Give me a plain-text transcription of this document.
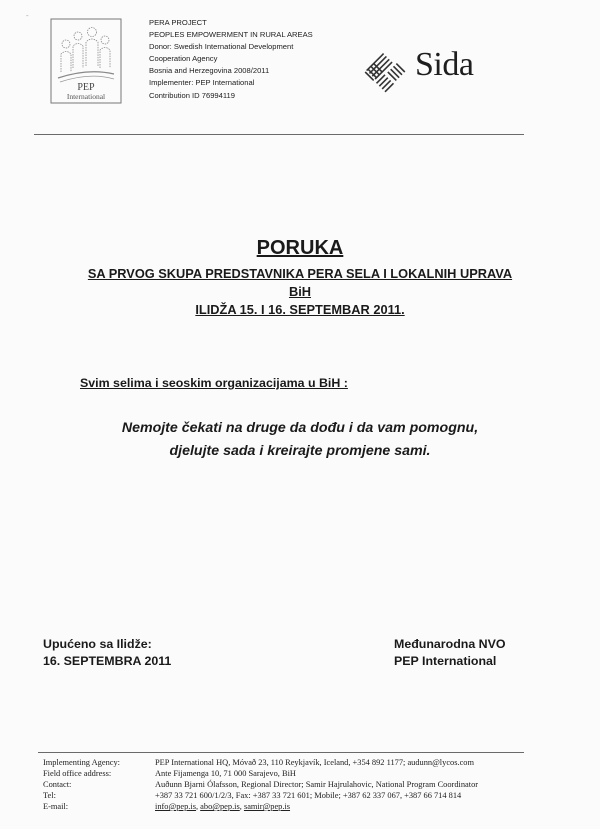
ˉ
PEP
International
PERA PROJECT
PEOPLES EMPOWERMENT IN RURAL AREAS
Donor: Swedish International Development
Cooperation Agency
Bosnia and Herzegovina 2008/2011
Implementer: PEP International
Contribution ID 76994119
Sida
PORUKA
SA PRVOG SKUPA PREDSTAVNIKA PERA SELA I LOKALNIH UPRAVA
BiH
ILIDŽA 15. I 16. SEPTEMBAR 2011.
Svim selima i seoskim organizacijama u BiH :
Nemojte čekati na druge da dođu i da vam pomognu,
djelujte sada i kreirajte promjene sami.
Upućeno sa Ilidže:
16. SEPTEMBRA 2011
Međunarodna NVO
PEP International
Implementing Agency:
Field office address:
Contact:
Tel:
E-mail:
PEP International HQ, Móvað 23, 110 Reykjavík, Iceland, +354 892 1177; audunn@lycos.com
Ante Fijamenga 10, 71 000 Sarajevo, BiH
Auðunn Bjarni Ólafsson, Regional Director; Samir Hajrulahovic, National Program Coordinator
+387 33 721 600/1/2/3, Fax: +387 33 721 601; Mobile; +387 62 337 067, +387 66 714 814
info@pep.is, abo@pep.is, samir@pep.is
